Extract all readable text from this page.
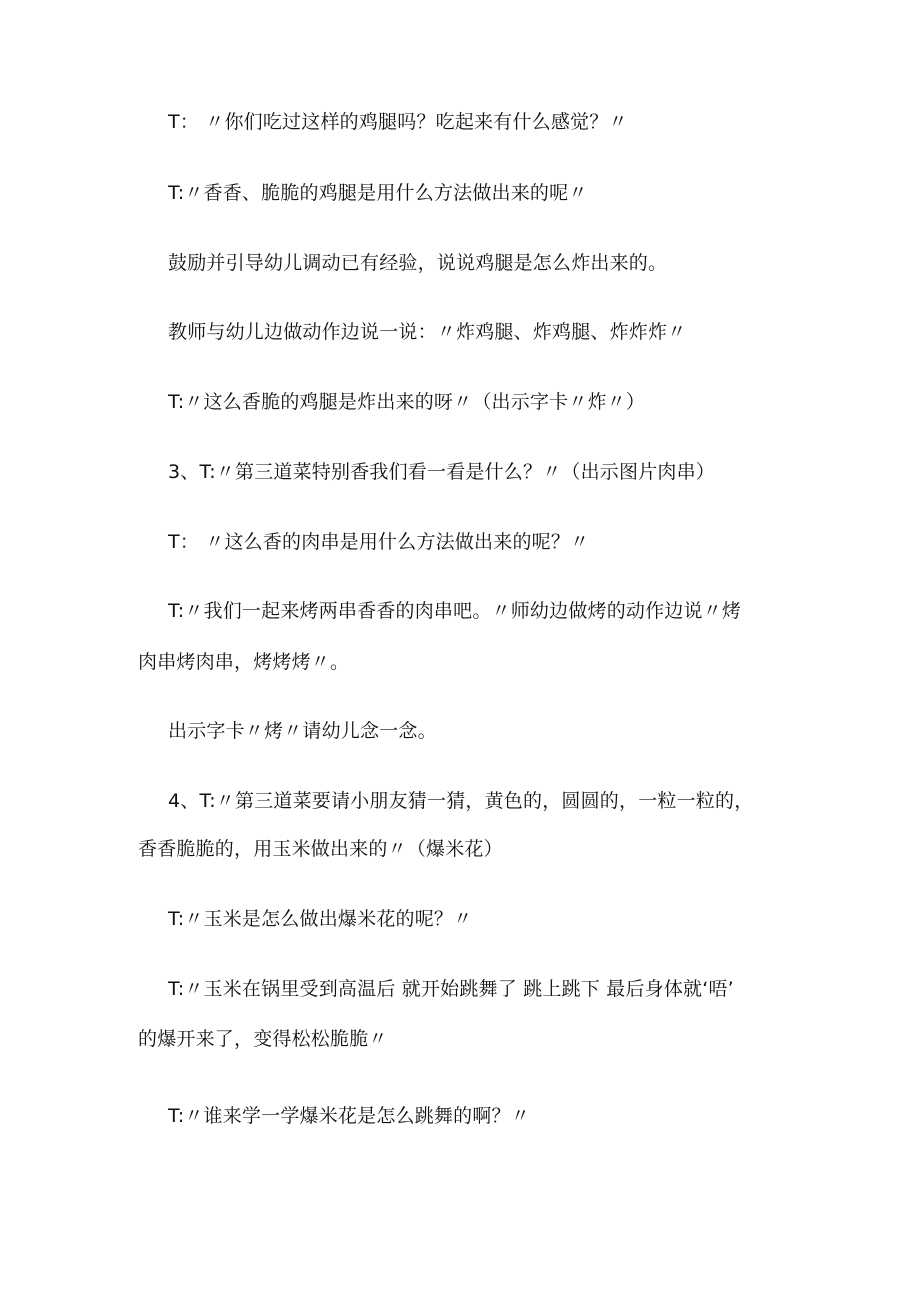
T： 〃你们吃过这样的鸡腿吗？吃起来有什么感觉？〃
T:〃香香、脆脆的鸡腿是用什么方法做出来的呢〃
鼓励并引导幼儿调动已有经验，说说鸡腿是怎么炸出来的。
教师与幼儿边做动作边说一说：〃炸鸡腿、炸鸡腿、炸炸炸〃
T:〃这么香脆的鸡腿是炸出来的呀〃（出示字卡〃炸〃）
3、T:〃第三道菜特别香我们看一看是什么？〃（出示图片肉串）
T： 〃这么香的肉串是用什么方法做出来的呢？〃
T:〃我们一起来烤两串香香的肉串吧。〃师幼边做烤的动作边说〃烤
肉串烤肉串，烤烤烤〃。
出示字卡〃烤〃请幼儿念一念。
4、T:〃第三道菜要请小朋友猜一猜，黄色的，圆圆的，一粒一粒的，
香香脆脆的，用玉米做出来的〃（爆米花）
T:〃玉米是怎么做出爆米花的呢？〃
T:〃玉米在锅里受到高温后 就开始跳舞了 跳上跳下 最后身体就‘唔’
的爆开来了，变得松松脆脆〃
T:〃谁来学一学爆米花是怎么跳舞的啊？〃
